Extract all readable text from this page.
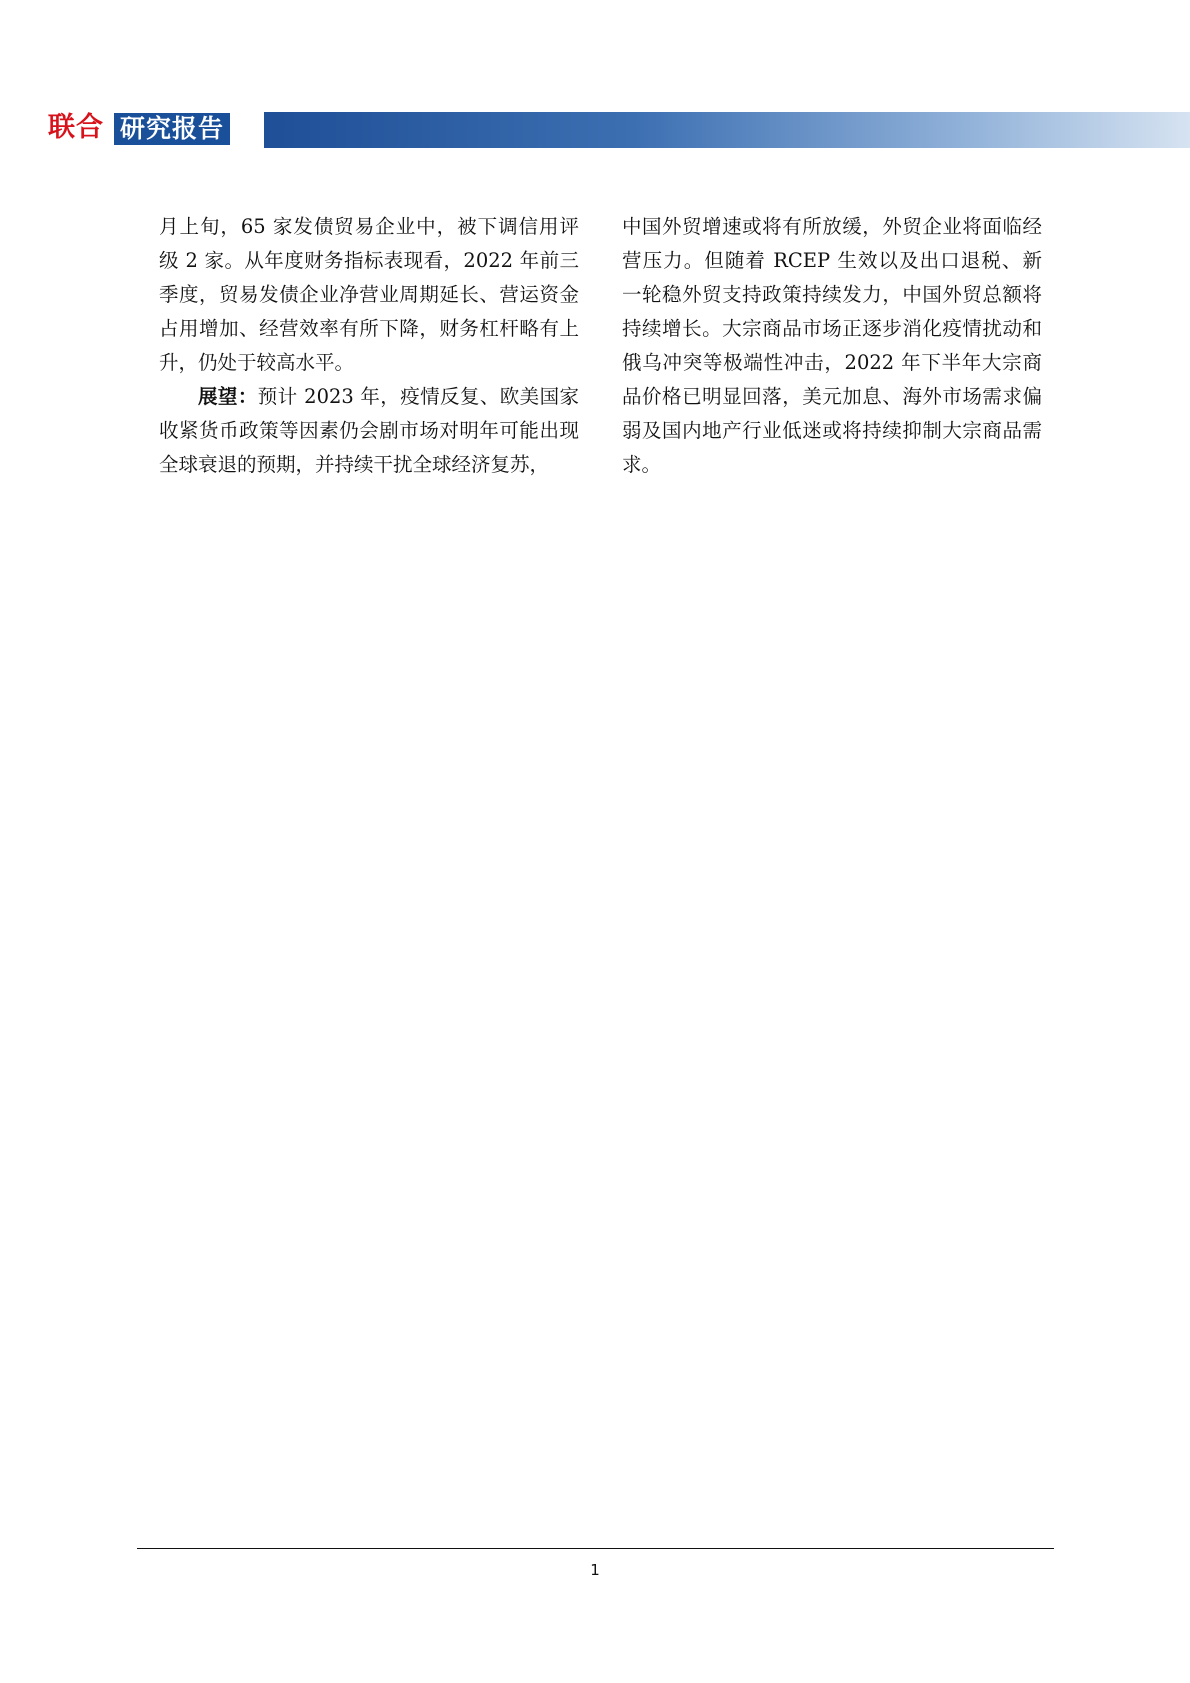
联合 研究报告

月上旬，65 家发债贸易企业中，被下调信用评级 2 家。从年度财务指标表现看，2022 年前三季度，贸易发债企业净营业周期延长、营运资金占用增加、经营效率有所下降，财务杠杆略有上升，仍处于较高水平。

展望：预计 2023 年，疫情反复、欧美国家收紧货币政策等因素仍会剧市场对明年可能出现全球衰退的预期，并持续干扰全球经济复苏，

中国外贸增速或将有所放缓，外贸企业将面临经营压力。但随着 RCEP 生效以及出口退税、新一轮稳外贸支持政策持续发力，中国外贸总额将持续增长。大宗商品市场正逐步消化疫情扰动和俄乌冲突等极端性冲击，2022 年下半年大宗商品价格已明显回落，美元加息、海外市场需求偏弱及国内地产行业低迷或将持续抑制大宗商品需求。

1
